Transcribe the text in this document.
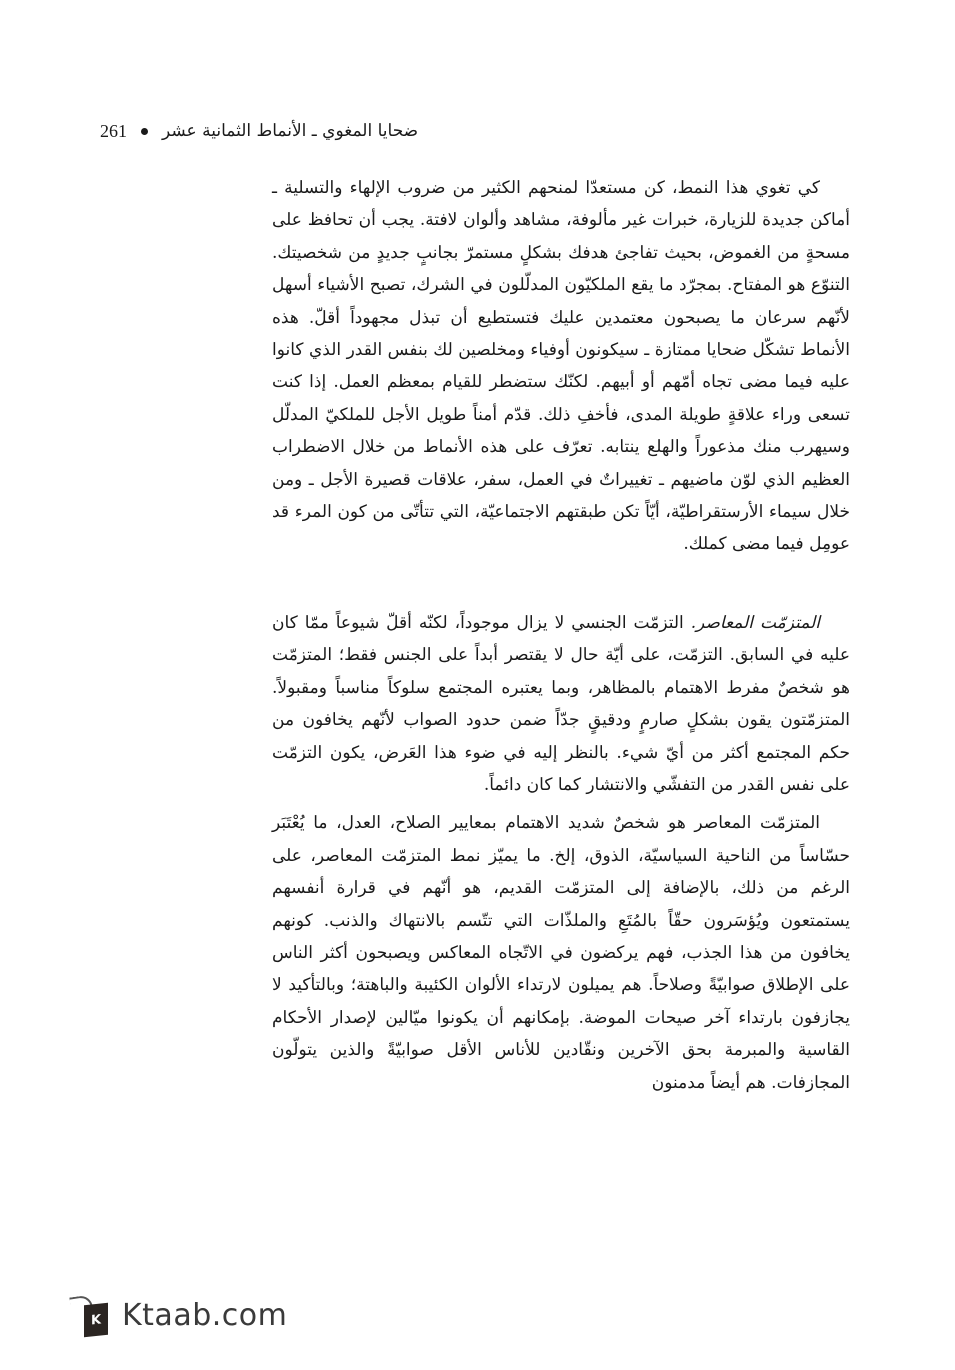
261 ضحايا المغوي ـ الأنماط الثمانية عشر

كي تغوي هذا النمط، كن مستعدّا لمنحهم الكثير من ضروب الإلهاء والتسلية ـ أماكن جديدة للزيارة، خبرات غير مألوفة، مشاهد وألوان لافتة. يجب أن تحافظ على مسحةٍ من الغموض، بحيث تفاجئ هدفك بشكلٍ مستمرّ بجانبٍ جديدٍ من شخصيتك. التنوّع هو المفتاح. بمجرّد ما يقع الملكيّون المدلّلون في الشرك، تصبح الأشياء أسهل لأنّهم سرعان ما يصبحون معتمدين عليك فتستطيع أن تبذل مجهوداً أقلّ. هذه الأنماط تشكّل ضحايا ممتازة ـ سيكونون أوفياء ومخلصين لك بنفس القدر الذي كانوا عليه فيما مضى تجاه أمّهم أو أبيهم. لكنّك ستضطر للقيام بمعظم العمل. إذا كنت تسعى وراء علاقةٍ طويلة المدى، فأخفِ ذلك. قدّم أمناً طويل الأجل للملكيّ المدلّل وسيهرب منك مذعوراً والهلع ينتابه. تعرّف على هذه الأنماط من خلال الاضطراب العظيم الذي لوّن ماضيهم ـ تغييراتٌ في العمل، سفر، علاقات قصيرة الأجل ـ ومن خلال سيماء الأرستقراطيّة، أيّاً تكن طبقتهم الاجتماعيّة، التي تتأتّى من كون المرء قد عومِل فيما مضى كملك.

المتزمّت المعاصر. التزمّت الجنسي لا يزال موجوداً، لكنّه أقلّ شيوعاً ممّا كان عليه في السابق. التزمّت، على أيّة حال لا يقتصر أبداً على الجنس فقط؛ المتزمّت هو شخصٌ مفرط الاهتمام بالمظاهر، وبما يعتبره المجتمع سلوكاً مناسباً ومقبولاً. المتزمّتون يقون بشكلٍ صارمٍ ودقيقٍ جدّاً ضمن حدود الصواب لأنّهم يخافون من حكم المجتمع أكثر من أيّ شيء. بالنظر إليه في ضوء هذا العَرض، يكون التزمّت على نفس القدر من التفشّي والانتشار كما كان دائماً.

المتزمّت المعاصر هو شخصٌ شديد الاهتمام بمعايير الصلاح، العدل، ما يُعْتَبَر حسّاساً من الناحية السياسيّة، الذوق، إلخ. ما يميّز نمط المتزمّت المعاصر، على الرغم من ذلك، بالإضافة إلى المتزمّت القديم، هو أنّهم في قرارة أنفسهم يستمتعون ويُؤسَرون حقّاً بالمُتَعِ والملذّات التي تتّسم بالانتهاك والذنب. كونهم يخافون من هذا الجذب، فهم يركضون في الاتّجاه المعاكس ويصبحون أكثر الناس على الإطلاق صوابيّةً وصلاحاً. هم يميلون لارتداء الألوان الكئيبة والباهتة؛ وبالتأكيد لا يجازفون بارتداء آخر صيحات الموضة. بإمكانهم أن يكونوا ميّالين لإصدار الأحكام القاسية والمبرمة بحق الآخرين ونقّادين للأناس الأقل صوابيّةً والذين يتولّون المجازفات. هم أيضاً مدمنون

K Ktaab.com
